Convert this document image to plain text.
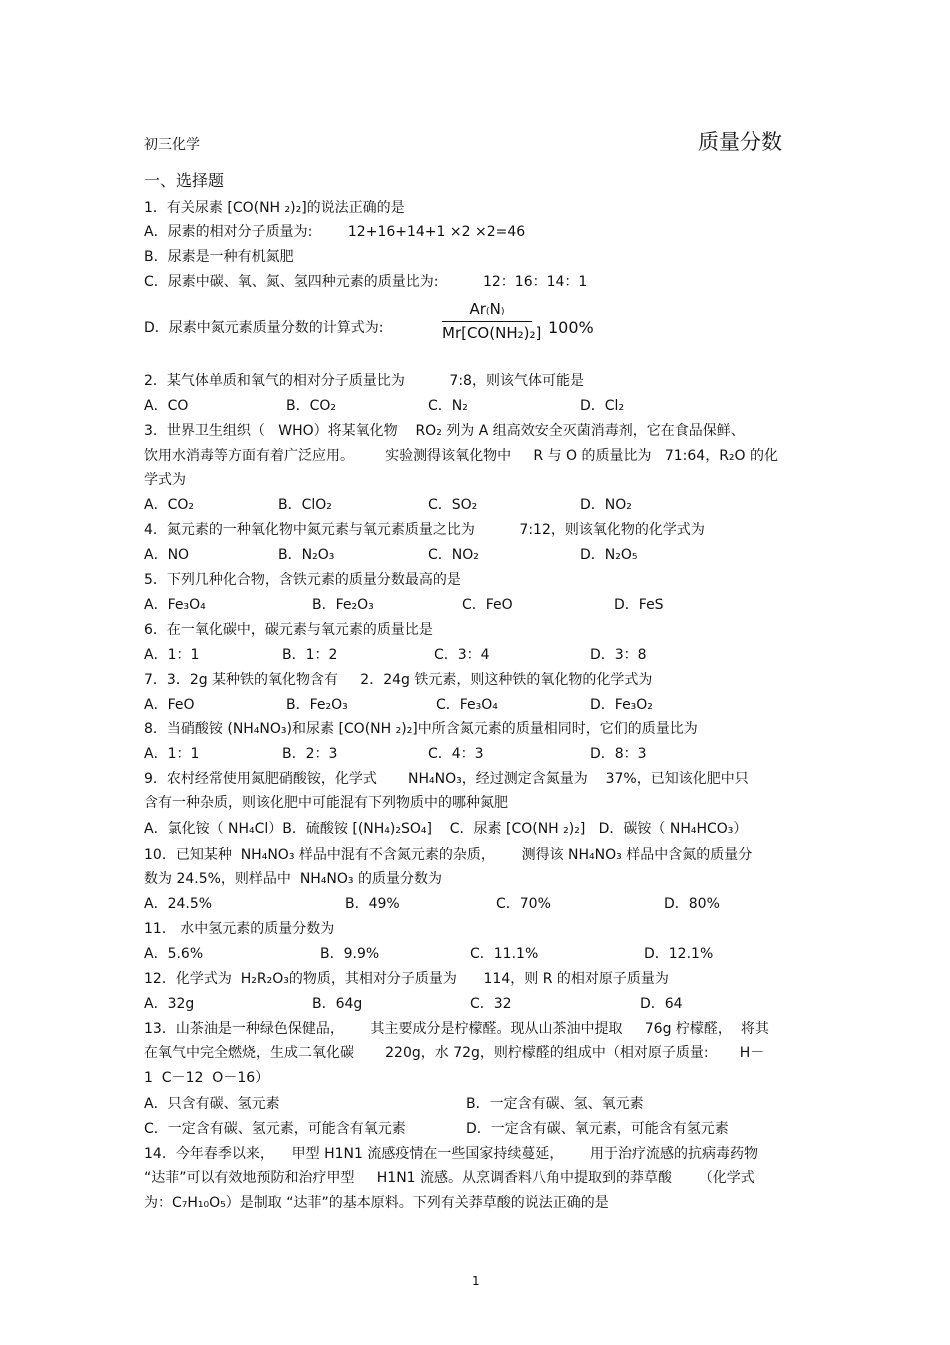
初三化学	质量分数
一、选择题
1．有关尿素 [CO(NH ₂)₂]的说法正确的是
A．尿素的相对分子质量为:        12+16+14+1 ×2 ×2=46
B．尿素是一种有机氮肥
C．尿素中碳、氧、氮、氢四种元素的质量比为:          12：16：14：1
D．尿素中氮元素质量分数的计算式为:	$\frac{Ar_(N_)}{\text{Mr[CO(NH₂)₂]}} 100\%$
2．某气体单质和氧气的相对分子质量比为          7:8，则该气体可能是
A．CO	B．CO₂	C．N₂	D．Cl₂
3．世界卫生组织（   WHO）将某氧化物    RO₂ 列为 A 组高效安全灭菌消毒剂，它在食品保鲜、
饮用水消毒等方面有着广泛应用。       实验测得该氧化物中     R 与 O 的质量比为   71:64，R₂O 的化
学式为
A．CO₂	B．ClO₂	C．SO₂	D．NO₂
4．氮元素的一种氧化物中氮元素与氧元素质量之比为          7:12，则该氧化物的化学式为
A．NO	B．N₂O₃	C．NO₂	D．N₂O₅
5．下列几种化合物，含铁元素的质量分数最高的是
A．Fe₃O₄	B．Fe₂O₃	C．FeO	D．FeS
6．在一氧化碳中，碳元素与氧元素的质量比是
A．1：1	B．1：2	C．3：4	D．3：8
7．3．2g 某种铁的氧化物含有     2．24g 铁元素，则这种铁的氧化物的化学式为
A．FeO	B．Fe₂O₃	C．Fe₃O₄	D．Fe₃O₂
8．当硝酸铵 (NH₄NO₃)和尿素 [CO(NH ₂)₂]中所含氮元素的质量相同时，它们的质量比为
A．1：1	B．2：3	C．4：3	D．8：3
9．农村经常使用氮肥硝酸铵，化学式       NH₄NO₃，经过测定含氮量为    37%，已知该化肥中只
含有一种杂质，则该化肥中可能混有下列物质中的哪种氮肥
A．氯化铵（ NH₄Cl）B．硫酸铵 [(NH₄)₂SO₄]    C．尿素 [CO(NH ₂)₂]   D．碳铵（ NH₄HCO₃）
10．已知某种  NH₄NO₃ 样品中混有不含氮元素的杂质，      测得该 NH₄NO₃ 样品中含氮的质量分
数为 24.5%，则样品中  NH₄NO₃ 的质量分数为
A．24.5%	B．49%	C．70%	D．80%
11． 水中氢元素的质量分数为
A．5.6%	B．9.9%	C．11.1%	D．12.1%
12．化学式为  H₂R₂O₃的物质，其相对分子质量为      114，则 R 的相对原子质量为
A．32g	B．64g	C．32	D．64
13．山茶油是一种绿色保健品，      其主要成分是柠檬醛。现从山茶油中提取     76g 柠檬醛，  将其
在氧气中完全燃烧，生成二氧化碳       220g，水 72g，则柠檬醛的组成中（相对原子质量:       H－
1  C－12  O－16）
A．只含有碳、氢元素	B．一定含有碳、氢、氧元素
C．一定含有碳、氢元素，可能含有氧元素	D．一定含有碳、氧元素，可能含有氢元素
14．今年春季以来，    甲型 H1N1 流感疫情在一些国家持续蔓延，      用于治疗流感的抗病毒药物
“达菲”可以有效地预防和治疗甲型     H1N1 流感。从烹调香料八角中提取到的莽草酸      （化学式
为：C₇H₁₀O₅）是制取 “达菲”的基本原料。下列有关莽草酸的说法正确的是
1
